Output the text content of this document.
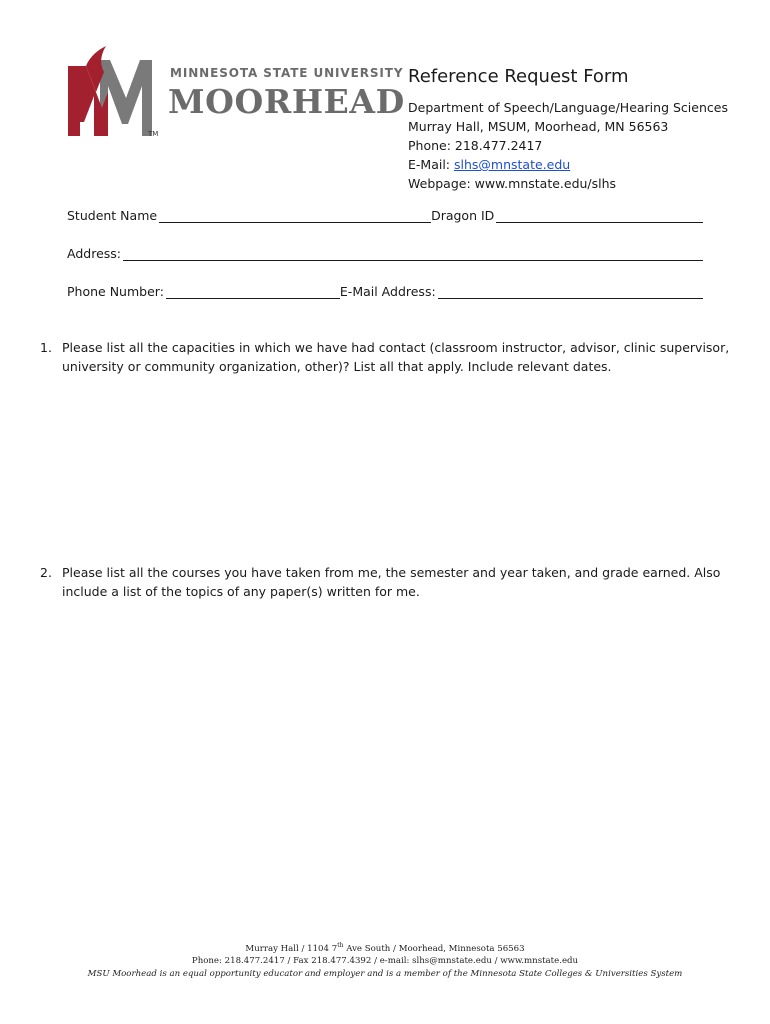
TM
MINNESOTA STATE UNIVERSITY
MOORHEAD
Reference Request Form
Department of Speech/Language/Hearing Sciences
Murray Hall, MSUM, Moorhead, MN 56563
Phone: 218.477.2417
E-Mail: slhs@mnstate.edu
Webpage: www.mnstate.edu/slhs
Student Name	Dragon ID
Address:
Phone Number:	E-Mail Address:
1. Please list all the capacities in which we have had contact (classroom instructor, advisor, clinic supervisor, university or community organization, other)? List all that apply. Include relevant dates.
2. Please list all the courses you have taken from me, the semester and year taken, and grade earned. Also include a list of the topics of any paper(s) written for me.
Murray Hall / 1104 7th Ave South / Moorhead, Minnesota 56563
Phone: 218.477.2417 / Fax 218.477.4392 / e-mail: slhs@mnstate.edu / www.mnstate.edu
MSU Moorhead is an equal opportunity educator and employer and is a member of the Minnesota State Colleges & Universities System
